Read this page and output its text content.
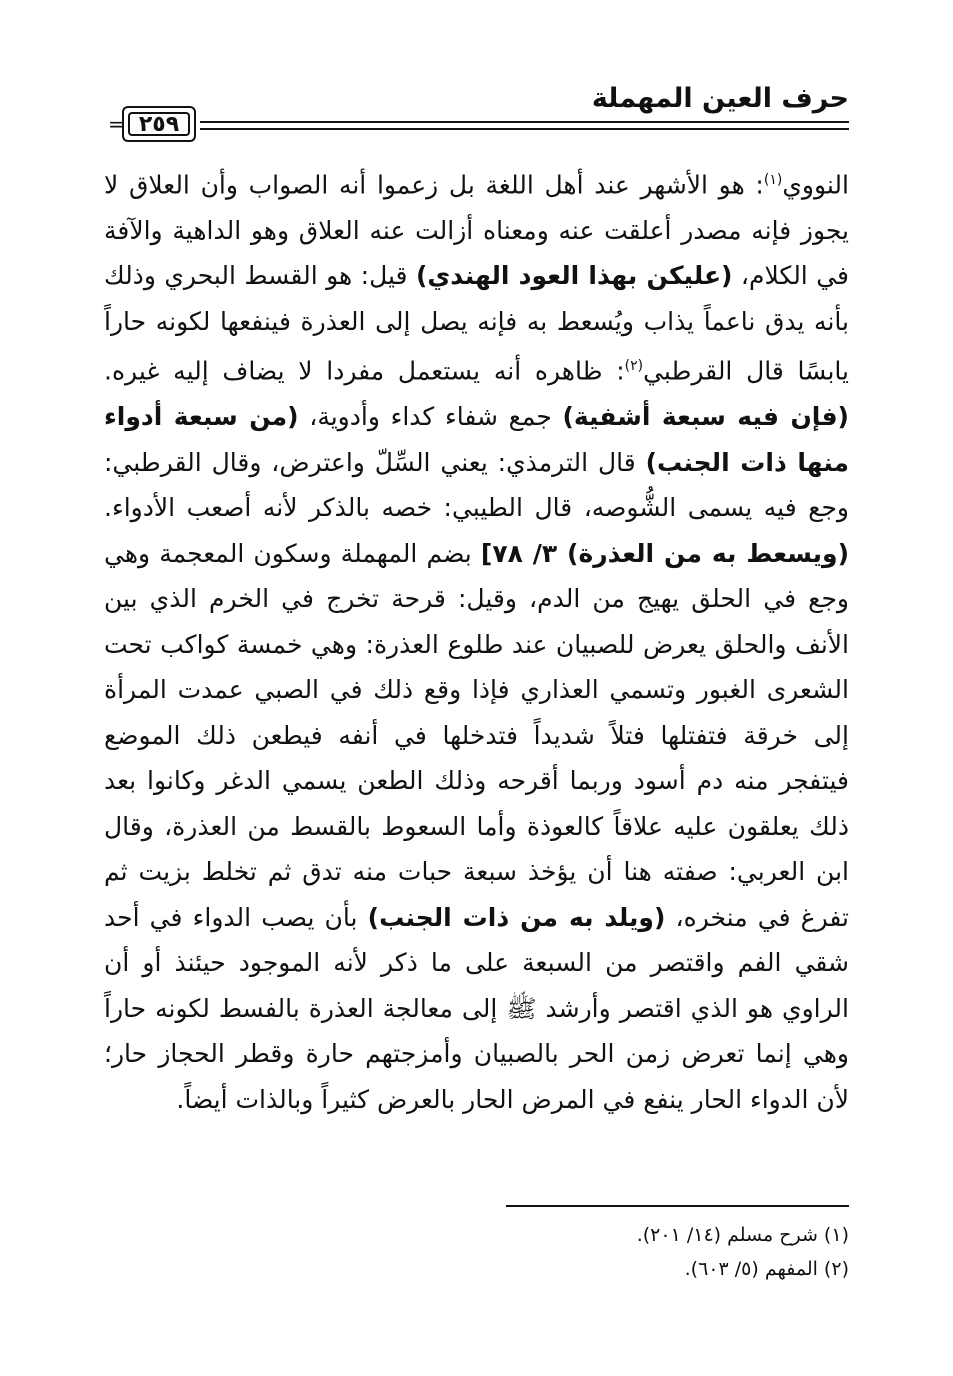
حرف العين المهملة
٢٥٩
=
النووي$^{(١)}$: هو الأشهر عند أهل اللغة بل زعموا أنه الصواب وأن العلاق لا يجوز فإنه مصدر أعلقت عنه ومعناه أزالت عنه العلاق وهو الداهية والآفة في الكلام، (عليكن بهذا العود الهندي) قيل: هو القسط البحري وذلك بأنه يدق ناعماً يذاب ويُسعط به فإنه يصل إلى العذرة فينفعها لكونه حاراً يابسًا قال القرطبي$^{(٢)}$: ظاهره أنه يستعمل مفردا لا يضاف إليه غيره. (فإن فيه سبعة أشفية) جمع شفاء كداء وأدوية، (من سبعة أدواء منها ذات الجنب) قال الترمذي: يعني السِّلّ واعترض، وقال القرطبي: وجع فيه يسمى الشُّوصه، قال الطيبي: خصه بالذكر لأنه أصعب الأدواء. (ويسعط به من العذرة) ٣/ ٧٨] بضم المهملة وسكون المعجمة وهي وجع في الحلق يهيج من الدم، وقيل: قرحة تخرج في الخرم الذي بين الأنف والحلق يعرض للصبيان عند طلوع العذرة: وهي خمسة كواكب تحت الشعرى الغبور وتسمي العذاري فإذا وقع ذلك في الصبي عمدت المرأة إلى خرقة فتفتلها فتلاً شديداً فتدخلها في أنفه فيطعن ذلك الموضع فيتفجر منه دم أسود وربما أقرحه وذلك الطعن يسمي الدغر وكانوا بعد ذلك يعلقون عليه علاقاً كالعوذة وأما السعوط بالقسط من العذرة، وقال ابن العربي: صفته هنا أن يؤخذ سبعة حبات منه تدق ثم تخلط بزيت ثم تفرغ في منخره، (ويلد به من ذات الجنب) بأن يصب الدواء في أحد شقي الفم واقتصر من السبعة على ما ذكر لأنه الموجود حيئنذ أو أن الراوي هو الذي اقتصر وأرشد ﷺ إلى معالجة العذرة بالفسط لكونه حاراً وهي إنما تعرض زمن الحر بالصبيان وأمزجتهم حارة وقطر الحجاز حار؛ لأن الدواء الحار ينفع في المرض الحار بالعرض كثيراً وبالذات أيضاً.
(١) شرح مسلم (١٤/ ٢٠١).
(٢) المفهم (٥/ ٦٠٣).
